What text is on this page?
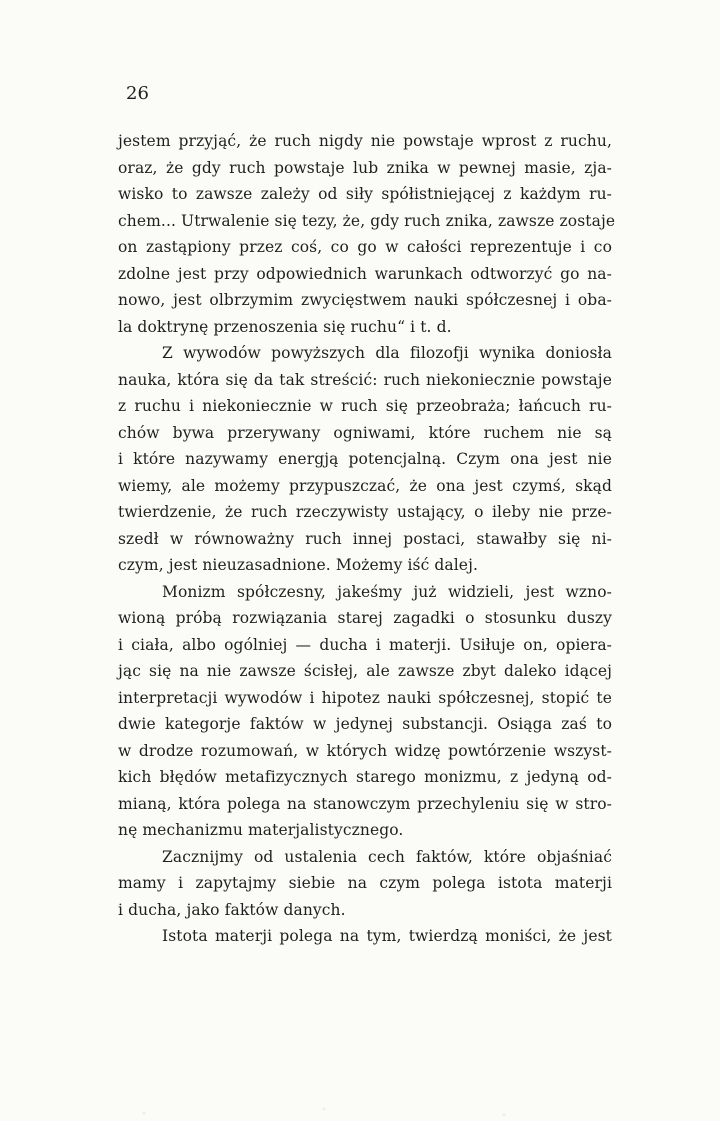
26
jestem przyjąć, że ruch nigdy nie powstaje wprost z ruchu,
oraz, że gdy ruch powstaje lub znika w pewnej masie, zja-
wisko to zawsze zależy od siły spółistniejącej z każdym ru-
chem... Utrwalenie się tezy, że, gdy ruch znika, zawsze zostaje
on zastąpiony przez coś, co go w całości reprezentuje i co
zdolne jest przy odpowiednich warunkach odtworzyć go na-
nowo, jest olbrzymim zwycięstwem nauki spółczesnej i oba-
la doktrynę przenoszenia się ruchu“ i t. d.
Z wywodów powyższych dla filozofji wynika doniosła
nauka, która się da tak streścić: ruch niekoniecznie powstaje
z ruchu i niekoniecznie w ruch się przeobraża; łańcuch ru-
chów bywa przerywany ogniwami, które ruchem nie są
i które nazywamy energją potencjalną. Czym ona jest nie
wiemy, ale możemy przypuszczać, że ona jest czymś, skąd
twierdzenie, że ruch rzeczywisty ustający, o ileby nie prze-
szedł w równoważny ruch innej postaci, stawałby się ni-
czym, jest nieuzasadnione. Możemy iść dalej.
Monizm spółczesny, jakeśmy już widzieli, jest wzno-
wioną próbą rozwiązania starej zagadki o stosunku duszy
i ciała, albo ogólniej — ducha i materji. Usiłuje on, opiera-
jąc się na nie zawsze ścisłej, ale zawsze zbyt daleko idącej
interpretacji wywodów i hipotez nauki spółczesnej, stopić te
dwie kategorje faktów w jedynej substancji. Osiąga zaś to
w drodze rozumowań, w których widzę powtórzenie wszyst-
kich błędów metafizycznych starego monizmu, z jedyną od-
mianą, która polega na stanowczym przechyleniu się w stro-
nę mechanizmu materjalistycznego.
Zacznijmy od ustalenia cech faktów, które objaśniać
mamy i zapytajmy siebie na czym polega istota materji
i ducha, jako faktów danych.
Istota materji polega na tym, twierdzą moniści, że jest
